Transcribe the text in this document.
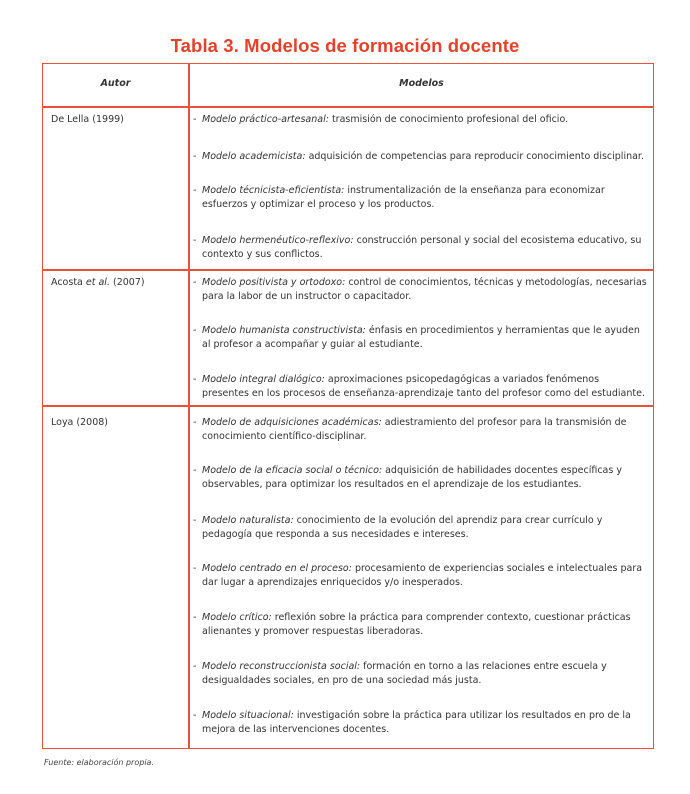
Tabla 3. Modelos de formación docente
Autor	Modelos
De Lella (1999)	- Modelo práctico-artesanal: trasmisión de conocimiento profesional del oficio.
- Modelo academicista: adquisición de competencias para reproducir conocimiento disciplinar.
- Modelo técnicista-eficientista: instrumentalización de la enseñanza para economizar esfuerzos y optimizar el proceso y los productos.
- Modelo hermenéutico-reflexivo: construcción personal y social del ecosistema educativo, su contexto y sus conflictos.
Acosta et al. (2007)	- Modelo positivista y ortodoxo: control de conocimientos, técnicas y metodologías, necesarias para la labor de un instructor o capacitador.
- Modelo humanista constructivista: énfasis en procedimientos y herramientas que le ayuden al profesor a acompañar y guiar al estudiante.
- Modelo integral dialógico: aproximaciones psicopedagógicas a variados fenómenos presentes en los procesos de enseñanza-aprendizaje tanto del profesor como del estudiante.
Loya (2008)	- Modelo de adquisiciones académicas: adiestramiento del profesor para la transmisión de conocimiento científico-disciplinar.
- Modelo de la eficacia social o técnico: adquisición de habilidades docentes específicas y observables, para optimizar los resultados en el aprendizaje de los estudiantes.
- Modelo naturalista: conocimiento de la evolución del aprendiz para crear currículo y pedagogía que responda a sus necesidades e intereses.
- Modelo centrado en el proceso: procesamiento de experiencias sociales e intelectuales para dar lugar a aprendizajes enriquecidos y/o inesperados.
- Modelo crítico: reflexión sobre la práctica para comprender contexto, cuestionar prácticas alienantes y promover respuestas liberadoras.
- Modelo reconstruccionista social: formación en torno a las relaciones entre escuela y desigualdades sociales, en pro de una sociedad más justa.
- Modelo situacional: investigación sobre la práctica para utilizar los resultados en pro de la mejora de las intervenciones docentes.
Fuente: elaboración propia.
